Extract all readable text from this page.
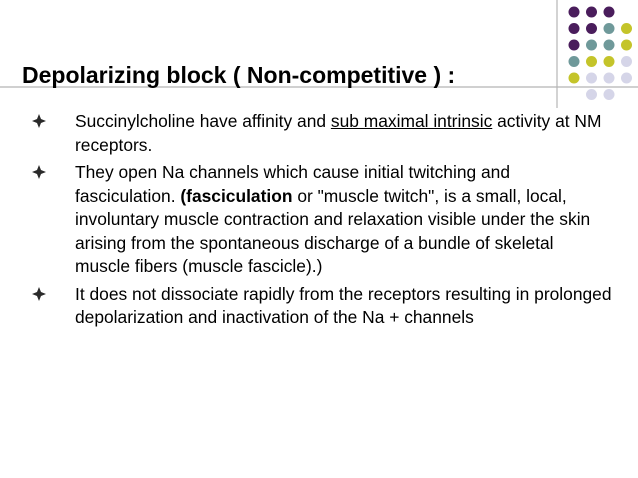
Depolarizing block ( Non-competitive ) :
Succinylcholine have affinity and sub maximal intrinsic activity at NM receptors.
They open Na channels which cause initial twitching and fasciculation. (fasciculation or "muscle twitch", is a small, local, involuntary muscle contraction and relaxation visible under the skin arising from the spontaneous discharge of a bundle of skeletal muscle fibers (muscle fascicle).)
It does not dissociate rapidly from the receptors resulting in prolonged depolarization and inactivation of the Na + channels
